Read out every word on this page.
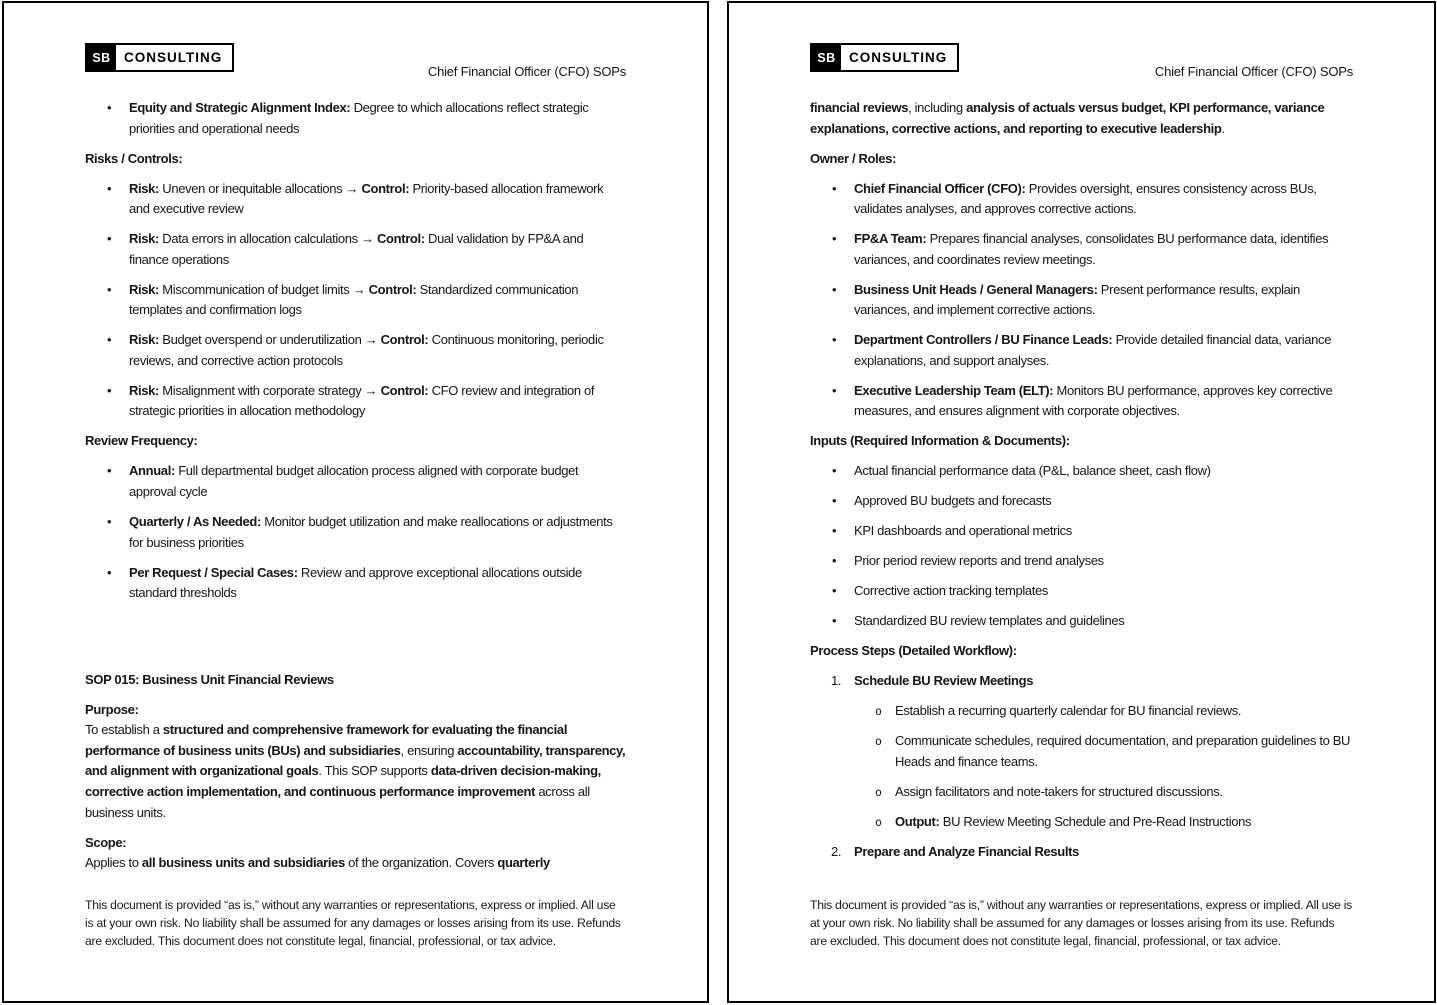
SB CONSULTING
Chief Financial Officer (CFO) SOPs
• Equity and Strategic Alignment Index: Degree to which allocations reflect strategic priorities and operational needs
Risks / Controls:
• Risk: Uneven or inequitable allocations → Control: Priority-based allocation framework and executive review
• Risk: Data errors in allocation calculations → Control: Dual validation by FP&A and finance operations
• Risk: Miscommunication of budget limits → Control: Standardized communication templates and confirmation logs
• Risk: Budget overspend or underutilization → Control: Continuous monitoring, periodic reviews, and corrective action protocols
• Risk: Misalignment with corporate strategy → Control: CFO review and integration of strategic priorities in allocation methodology
Review Frequency:
• Annual: Full departmental budget allocation process aligned with corporate budget approval cycle
• Quarterly / As Needed: Monitor budget utilization and make reallocations or adjustments for business priorities
• Per Request / Special Cases: Review and approve exceptional allocations outside standard thresholds
SOP 015: Business Unit Financial Reviews
Purpose:
To establish a structured and comprehensive framework for evaluating the financial performance of business units (BUs) and subsidiaries, ensuring accountability, transparency, and alignment with organizational goals. This SOP supports data-driven decision-making, corrective action implementation, and continuous performance improvement across all business units.
Scope:
Applies to all business units and subsidiaries of the organization. Covers quarterly
This document is provided “as is,” without any warranties or representations, express or implied. All use is at your own risk. No liability shall be assumed for any damages or losses arising from its use. Refunds are excluded. This document does not constitute legal, financial, professional, or tax advice.
SB CONSULTING
Chief Financial Officer (CFO) SOPs
financial reviews, including analysis of actuals versus budget, KPI performance, variance explanations, corrective actions, and reporting to executive leadership.
Owner / Roles:
• Chief Financial Officer (CFO): Provides oversight, ensures consistency across BUs, validates analyses, and approves corrective actions.
• FP&A Team: Prepares financial analyses, consolidates BU performance data, identifies variances, and coordinates review meetings.
• Business Unit Heads / General Managers: Present performance results, explain variances, and implement corrective actions.
• Department Controllers / BU Finance Leads: Provide detailed financial data, variance explanations, and support analyses.
• Executive Leadership Team (ELT): Monitors BU performance, approves key corrective measures, and ensures alignment with corporate objectives.
Inputs (Required Information & Documents):
• Actual financial performance data (P&L, balance sheet, cash flow)
• Approved BU budgets and forecasts
• KPI dashboards and operational metrics
• Prior period review reports and trend analyses
• Corrective action tracking templates
• Standardized BU review templates and guidelines
Process Steps (Detailed Workflow):
1. Schedule BU Review Meetings
o Establish a recurring quarterly calendar for BU financial reviews.
o Communicate schedules, required documentation, and preparation guidelines to BU Heads and finance teams.
o Assign facilitators and note-takers for structured discussions.
o Output: BU Review Meeting Schedule and Pre-Read Instructions
2. Prepare and Analyze Financial Results
This document is provided “as is,” without any warranties or representations, express or implied. All use is at your own risk. No liability shall be assumed for any damages or losses arising from its use. Refunds are excluded. This document does not constitute legal, financial, professional, or tax advice.
